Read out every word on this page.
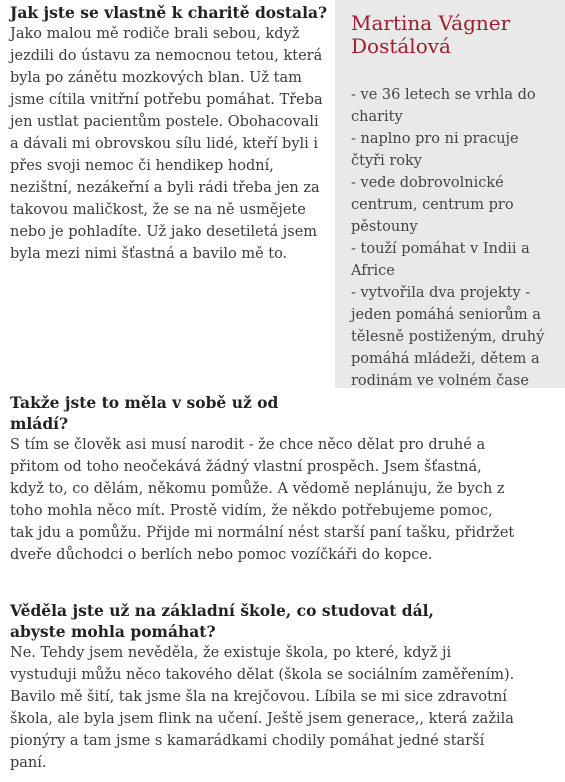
Jak jste se vlastně k charitě dostala?

Jako malou mě rodiče brali sebou, když jezdili do ústavu za nemocnou tetou, která byla po zánětu mozkových blan. Už tam jsme cítila vnitřní potřebu pomáhat. Třeba jen ustlat pacientům postele. Obohacovali a dávali mi obrovskou sílu lidé, kteří byli i přes svoji nemoc či hendikep hodní, nezištní, nezákeřní a byli rádi třeba jen za takovou maličkost, že se na ně usmějete nebo je pohladíte. Už jako desetiletá jsem byla mezi nimi šťastná a bavilo mě to.

Martina Vágner Dostálová
- ve 36 letech se vrhla do charity
- naplno pro ni pracuje čtyři roky
- vede dobrovolnické centrum, centrum pro pěstouny
- touží pomáhat v Indii a Africe
- vytvořila dva projekty - jeden pomáhá seniorům a tělesně postiženým, druhý pomáhá mládeži, dětem a rodinám ve volném čase

Takže jste to měla v sobě už od mládí?

S tím se člověk asi musí narodit - že chce něco dělat pro druhé a přitom od toho neočekává žádný vlastní prospěch. Jsem šťastná, když to, co dělám, někomu pomůže. A vědomě neplánuju, že bych z toho mohla něco mít. Prostě vidím, že někdo potřebujeme pomoc, tak jdu a pomůžu. Přijde mi normální nést starší paní tašku, přidržet dveře důchodci o berlích nebo pomoc vozíčkáři do kopce.

Věděla jste už na základní škole, co studovat dál, abyste mohla pomáhat?

Ne. Tehdy jsem nevěděla, že existuje škola, po které, když ji vystuduji můžu něco takového dělat (škola se sociálním zaměřením). Bavilo mě šití, tak jsme šla na krejčovou. Líbila se mi sice zdravotní škola, ale byla jsem flink na učení. Ještě jsem generace,, která zažila pionýry a tam jsme s kamarádkami chodily pomáhat jedné starší paní.
